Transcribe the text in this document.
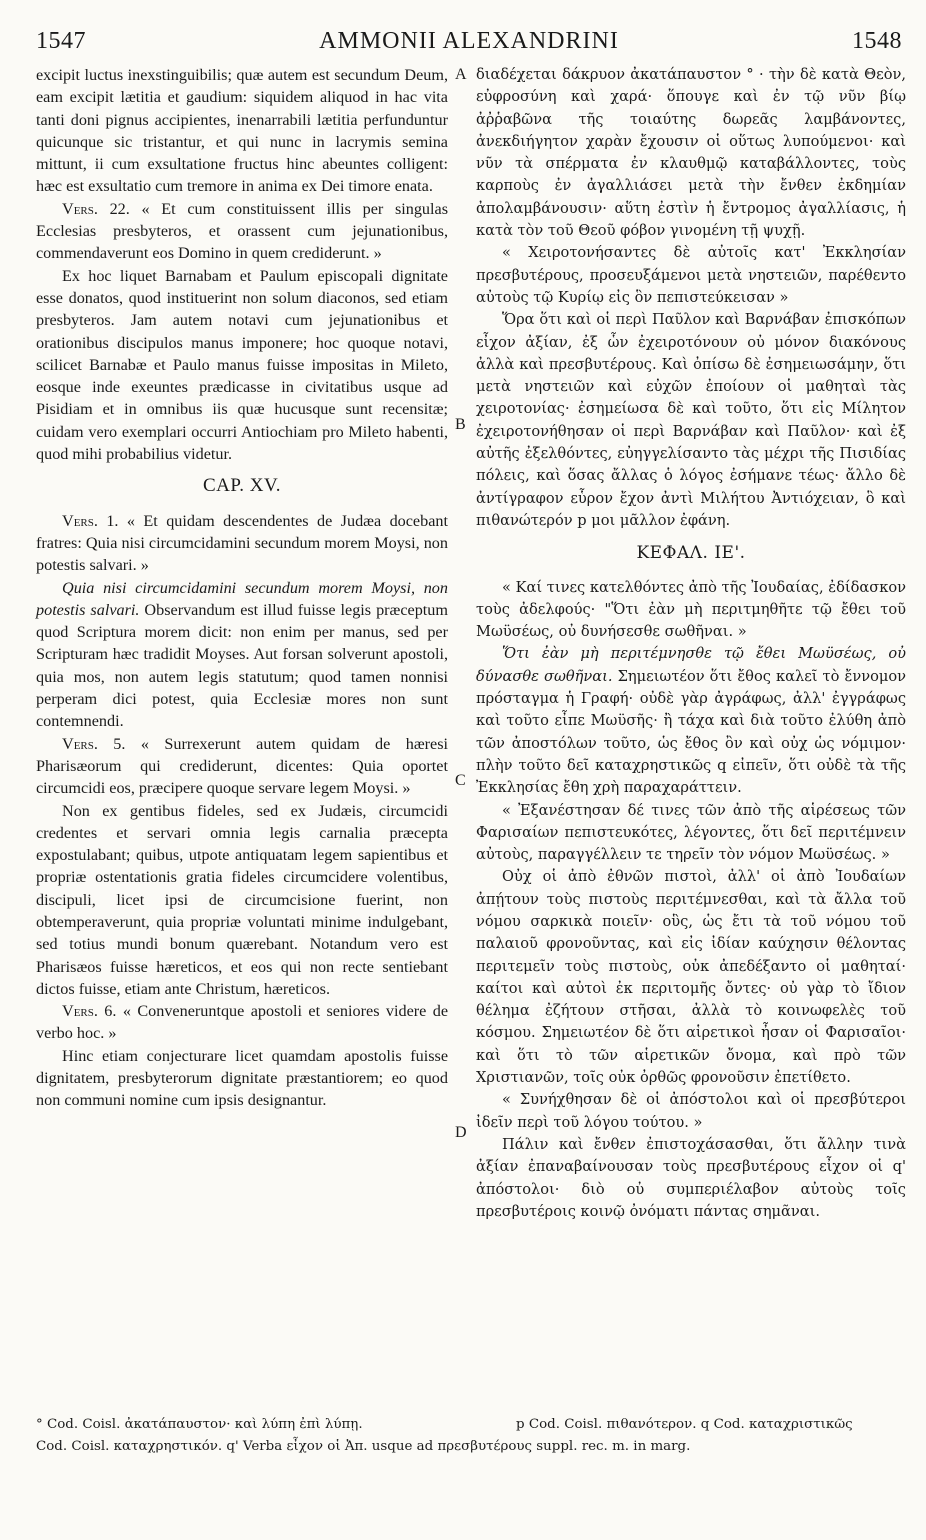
1547	AMMONII ALEXANDRINI	1548
A
B
C
D

excipit luctus inexstinguibilis; quæ autem est secundum Deum, eam excipit lætitia et gaudium: siquidem aliquod in hac vita tanti doni pignus accipientes, inenarrabili lætitia perfunduntur quicunque sic tristantur, et qui nunc in lacrymis semina mittunt, ii cum exsultatione fructus hinc abeuntes colligent: hæc est exsultatio cum tremore in anima ex Dei timore enata.

Vers. 22. « Et cum constituissent illis per singulas Ecclesias presbyteros, et orassent cum jejunationibus, commendaverunt eos Domino in quem crediderunt. »

Ex hoc liquet Barnabam et Paulum episcopali dignitate esse donatos, quod instituerint non solum diaconos, sed etiam presbyteros. Jam autem notavi cum jejunationibus et orationibus discipulos manus imponere; hoc quoque notavi, scilicet Barnabæ et Paulo manus fuisse impositas in Mileto, eosque inde exeuntes prædicasse in civitatibus usque ad Pisidiam et in omnibus iis quæ hucusque sunt recensitæ; cuidam vero exemplari occurri Antiochiam pro Mileto habenti, quod mihi probabilius videtur.

CAP. XV.

Vers. 1. « Et quidam descendentes de Judæa docebant fratres: Quia nisi circumcidamini secundum morem Moysi, non potestis salvari. »

Quia nisi circumcidamini secundum morem Moysi, non potestis salvari. Observandum est illud fuisse legis præceptum quod Scriptura morem dicit: non enim per manus, sed per Scripturam hæc tradidit Moyses. Aut forsan solverunt apostoli, quia mos, non autem legis statutum; quod tamen nonnisi perperam dici potest, quia Ecclesiæ mores non sunt contemnendi.

Vers. 5. « Surrexerunt autem quidam de hæresi Pharisæorum qui crediderunt, dicentes: Quia oportet circumcidi eos, præcipere quoque servare legem Moysi. »

Non ex gentibus fideles, sed ex Judæis, circumcidi credentes et servari omnia legis carnalia præcepta expostulabant; quibus, utpote antiquatam legem sapientibus et propriæ ostentationis gratia fideles circumcidere volentibus, discipuli, licet ipsi de circumcisione fuerint, non obtemperaverunt, quia propriæ voluntati minime indulgebant, sed totius mundi bonum quærebant. Notandum vero est Pharisæos fuisse hæreticos, et eos qui non recte sentiebant dictos fuisse, etiam ante Christum, hæreticos.

Vers. 6. « Conveneruntque apostoli et seniores videre de verbo hoc. »

Hinc etiam conjecturare licet quamdam apostolis fuisse dignitatem, presbyterorum dignitate præstantiorem; eo quod non communi nomine cum ipsis designantur.

διαδέχεται δάκρυον ἀκατάπαυστον ° · τὴν δὲ κατὰ Θεὸν, εὐφροσύνη καὶ χαρά· ὅπουγε καὶ ἐν τῷ νῦν βίῳ ἀῤῥαβῶνα τῆς τοιαύτης δωρεᾶς λαμβάνοντες, ἀνεκδιήγητον χαρὰν ἔχουσιν οἱ οὕτως λυπούμενοι· καὶ νῦν τὰ σπέρματα ἐν κλαυθμῷ καταβάλλοντες, τοὺς καρποὺς ἐν ἀγαλλιάσει μετὰ τὴν ἔνθεν ἐκδημίαν ἀπολαμβάνουσιν· αὕτη ἐστὶν ἡ ἔντρομος ἀγαλλίασις, ἡ κατὰ τὸν τοῦ Θεοῦ φόβον γινομένη τῇ ψυχῇ.

« Χειροτονήσαντες δὲ αὐτοῖς κατ' Ἐκκλησίαν πρεσβυτέρους, προσευξάμενοι μετὰ νηστειῶν, παρέθεντο αὐτοὺς τῷ Κυρίῳ εἰς ὃν πεπιστεύκεισαν »

Ὅρα ὅτι καὶ οἱ περὶ Παῦλον καὶ Βαρνάβαν ἐπισκόπων εἶχον ἀξίαν, ἐξ ὧν ἐχειροτόνουν οὐ μόνον διακόνους ἀλλὰ καὶ πρεσβυτέρους. Καὶ ὀπίσω δὲ ἐσημειωσάμην, ὅτι μετὰ νηστειῶν καὶ εὐχῶν ἐποίουν οἱ μαθηταὶ τὰς χειροτονίας· ἐσημείωσα δὲ καὶ τοῦτο, ὅτι εἰς Μίλητον ἐχειροτονήθησαν οἱ περὶ Βαρνάβαν καὶ Παῦλον· καὶ ἐξ αὐτῆς ἐξελθόντες, εὐηγγελίσαντο τὰς μέχρι τῆς Πισιδίας πόλεις, καὶ ὅσας ἄλλας ὁ λόγος ἐσήμανε τέως· ἄλλο δὲ ἀντίγραφον εὗρον ἔχον ἀντὶ Μιλήτου Ἀντιόχειαν, ὃ καὶ πιθανώτερόν p μοι μᾶλλον ἐφάνη.

ΚΕΦΑΛ. ΙΕ'.

« Καί τινες κατελθόντες ἀπὸ τῆς Ἰουδαίας, ἐδίδασκον τοὺς ἀδελφούς· "Ὅτι ἐὰν μὴ περιτμηθῆτε τῷ ἔθει τοῦ Μωϋσέως, οὐ δυνήσεσθε σωθῆναι. »

Ὅτι ἐὰν μὴ περιτέμνησθε τῷ ἔθει Μωϋσέως, οὐ δύνασθε σωθῆναι. Σημειωτέον ὅτι ἔθος καλεῖ τὸ ἔννομον πρόσταγμα ἡ Γραφή· οὐδὲ γὰρ ἀγράφως, ἀλλ' ἐγγράφως καὶ τοῦτο εἶπε Μωϋσῆς· ἢ τάχα καὶ διὰ τοῦτο ἐλύθη ἀπὸ τῶν ἀποστόλων τοῦτο, ὡς ἔθος ὂν καὶ οὐχ ὡς νόμιμον· πλὴν τοῦτο δεῖ καταχρηστικῶς q εἰπεῖν, ὅτι οὐδὲ τὰ τῆς Ἐκκλησίας ἔθη χρὴ παραχαράττειν.

« Ἐξανέστησαν δέ τινες τῶν ἀπὸ τῆς αἱρέσεως τῶν Φαρισαίων πεπιστευκότες, λέγοντες, ὅτι δεῖ περιτέμνειν αὐτοὺς, παραγγέλλειν τε τηρεῖν τὸν νόμον Μωϋσέως. »

Οὐχ οἱ ἀπὸ ἐθνῶν πιστοὶ, ἀλλ' οἱ ἀπὸ Ἰουδαίων ἀπῄτουν τοὺς πιστοὺς περιτέμνεσθαι, καὶ τὰ ἄλλα τοῦ νόμου σαρκικὰ ποιεῖν· οὓς, ὡς ἔτι τὰ τοῦ νόμου τοῦ παλαιοῦ φρονοῦντας, καὶ εἰς ἰδίαν καύχησιν θέλοντας περιτεμεῖν τοὺς πιστοὺς, οὐκ ἀπεδέξαντο οἱ μαθηταί· καίτοι καὶ αὐτοὶ ἐκ περιτομῆς ὄντες· οὐ γὰρ τὸ ἴδιον θέλημα ἐζήτουν στῆσαι, ἀλλὰ τὸ κοινωφελὲς τοῦ κόσμου. Σημειωτέον δὲ ὅτι αἱρετικοὶ ἦσαν οἱ Φαρισαῖοι· καὶ ὅτι τὸ τῶν αἱρετικῶν ὄνομα, καὶ πρὸ τῶν Χριστιανῶν, τοῖς οὐκ ὀρθῶς φρονοῦσιν ἐπετίθετο.

« Συνήχθησαν δὲ οἱ ἀπόστολοι καὶ οἱ πρεσβύτεροι ἰδεῖν περὶ τοῦ λόγου τούτου. »

Πάλιν καὶ ἔνθεν ἐπιστοχάσασθαι, ὅτι ἄλλην τινὰ ἀξίαν ἐπαναβαίνουσαν τοὺς πρεσβυτέρους εἶχον οἱ q' ἀπόστολοι· διὸ οὐ συμπεριέλαβον αὐτοὺς τοῖς πρεσβυτέροις κοινῷ ὀνόματι πάντας σημᾶναι.

° Cod. Coisl. ἀκατάπαυστον· καὶ λύπη ἐπὶ λύπῃ.	p Cod. Coisl. πιθανότερον. q Cod. καταχριστικῶς

Cod. Coisl. καταχρηστικόν. q' Verba εἶχον οἱ Ἀπ. usque ad πρεσβυτέρους suppl. rec. m. in marg.
